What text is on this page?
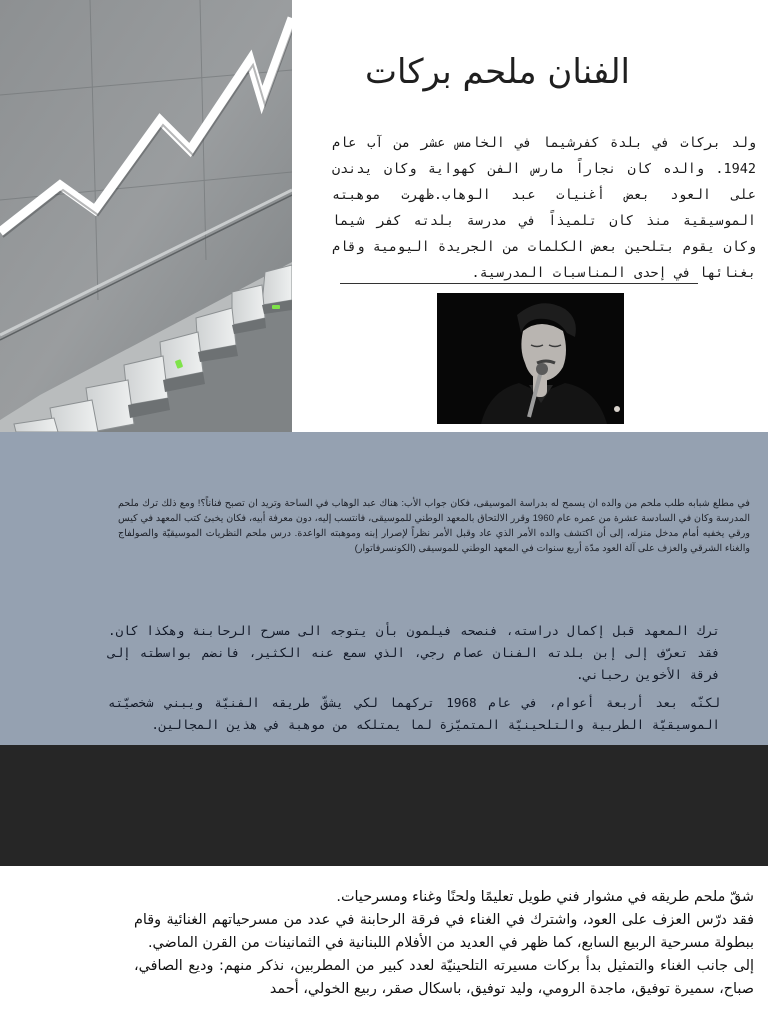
الفنان ملحم بركات

ولد بركات في بلدة كفرشيما في الخامس عشر من آب عام 1942. والده كان نجاراً مارس الفن كهواية وكان يدندن على العود بعض أغنيات عبد الوهاب.ظهرت موهبته الموسيقية منذ كان تلميذاً في مدرسة بلدته كفر شيما وكان يقوم بتلحين بعض الكلمات من الجريدة اليومية وقام بغنائها في إحدى المناسبات المدرسية.

في مطلع شبابه طلب ملحم من والده ان يسمح له بدراسة الموسيقى، فكان جواب الأب: هناك عبد الوهاب في الساحة وتريد ان تصبح فناناً؟! ومع ذلك ترك ملحم المدرسة وكان في السادسة عشرة من عمره عام 1960 وقرر الالتحاق بالمعهد الوطني للموسيقى، فانتسب إليه، دون معرفة أبيه، فكان يخبئ كتب المعهد في كيس ورقي يخفيه أمام مدخل منزله، إلى أن اكتشف والده الأمر الذي عاد وقبل الأمر نظراً لإصرار إبنه وموهبته الواعدة. درس ملحم النظريات الموسيقيّة والصولفاج والغناء الشرقي والعزف على آلة العود مدّة أربع سنوات في المعهد الوطني للموسيقى (الكونسرفاتوار)

ترك المعهد قبل إكمال دراسته، فنصحه فيلمون بأن يتوجه الى مسرح الرحابنة وهكذا كان. فقد تعرّف إلى إبن بلدته الفنان عصام رجي، الذي سمع عنه الكثير، فانضم بواسطته إلى فرقة الأخوين رحباني.

لكنّه بعد أربعة أعوام، في عام 1968 تركهما لكي يشقّ طريقه الفنيّة ويبني شخصيّته الموسيقيّة الطربية والتلحينيّة المتميّزة لما يمتلكه من موهبة في هذين المجالين.

شقّ ملحم طريقه في مشوار فني طويل تعليمًا ولحنًا وغناء ومسرحيات.

فقد درّس العزف على العود، واشترك في الغناء في فرقة الرحابنة في عدد من مسرحياتهم الغنائية وقام ببطولة مسرحية الربيع السابع، كما ظهر في العديد من الأفلام اللبنانية في الثمانينات من القرن الماضي.

إلى جانب الغناء والتمثيل بدأ بركات مسيرته التلحينيّة لعدد كبير من المطربين، نذكر منهم: وديع الصافي، صباح، سميرة توفيق، ماجدة الرومي، وليد توفيق، باسكال صقر، ربيع الخولي، أحمد
